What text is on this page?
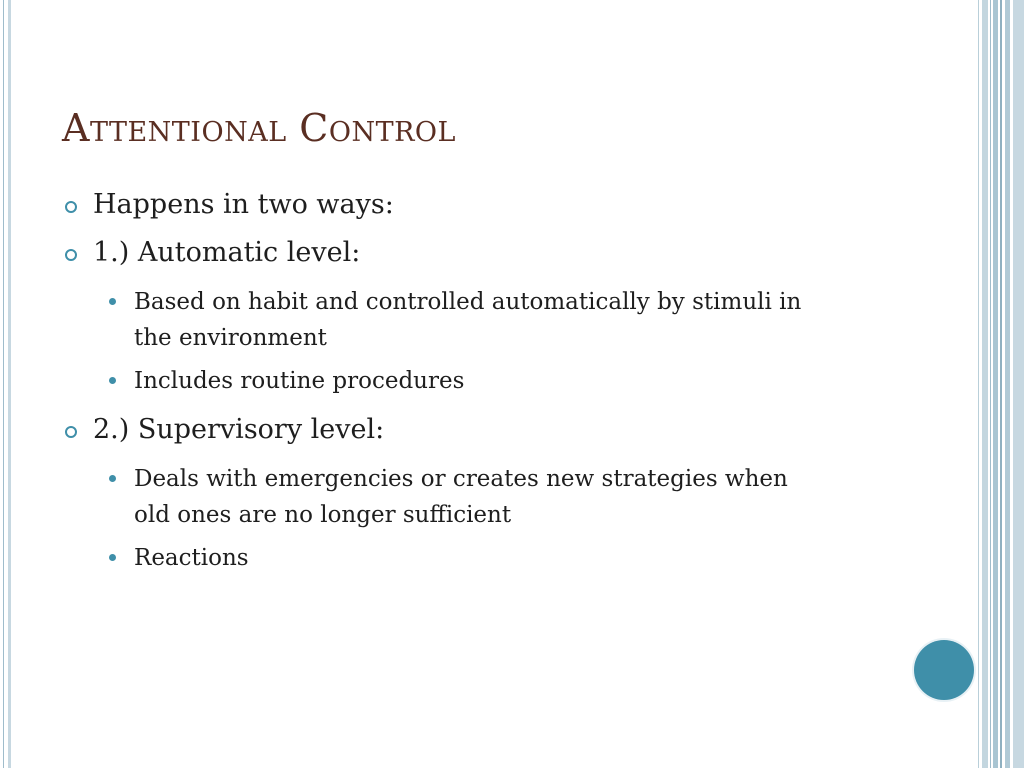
Attentional Control
Happens in two ways:
1.) Automatic level:
Based on habit and controlled automatically by stimuli in the environment
Includes routine procedures
2.) Supervisory level:
Deals with emergencies or creates new strategies when old ones are no longer sufficient
Reactions
